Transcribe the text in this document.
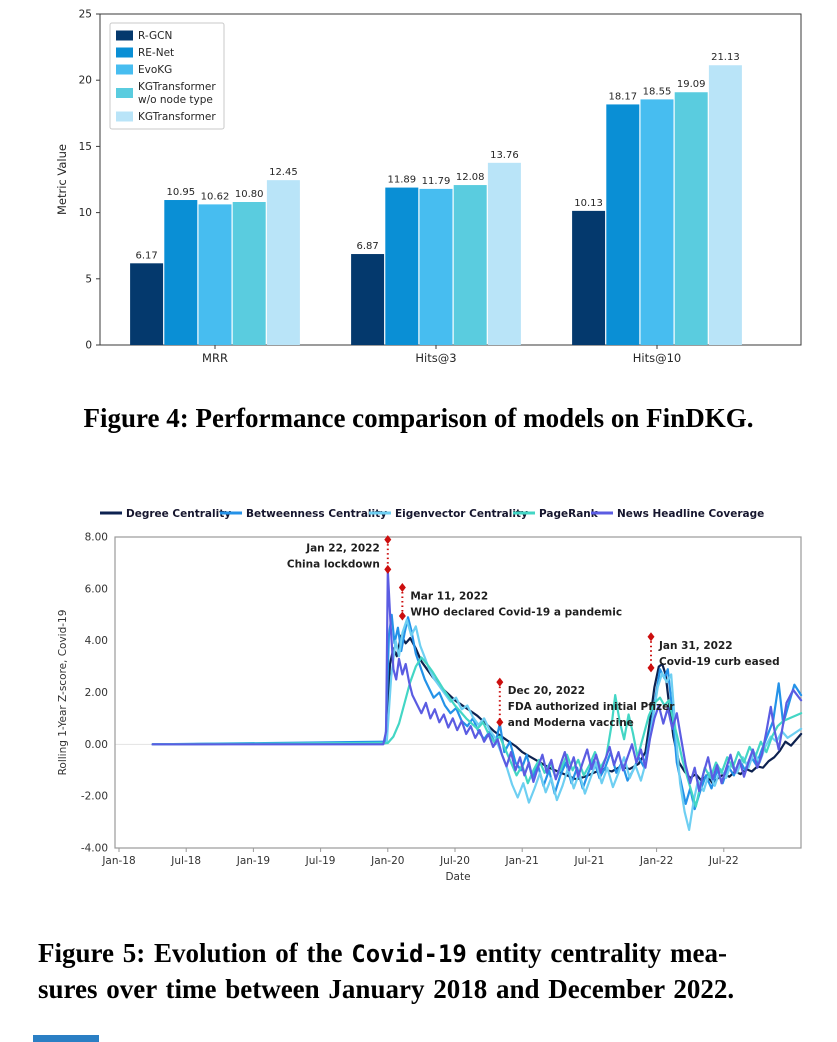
0
5
10
15
20
25
Metric Value
MRR
6.17
10.95 10.62 10.80
12.45
Hits@3
6.87
11.89 11.79 12.08
13.76
Hits@10
10.13
18.17 18.55
19.09
21.13
R-GCN
RE-Net
EvoKG
KGTransformer
w/o node type
KGTransformer
Figure 4: Performance comparison of models on FinDKG.
Degree Centrality Betweenness Centrality Eigenvector Centrality PageRank News Headline Coverage
8.00
6.00
4.00
2.00
0.00
-2.00
-4.00
Rolling 1-Year Z-score, Covid-19
Jan-18	Jul-18	Jan-19	Jul-19	Jan-20	Jul-20	Jan-21	Jul-21	Jan-22	Jul-22
Date
Jan 22, 2022
China lockdown
Mar 11, 2022
WHO declared Covid-19 a pandemic
Dec 20, 2022
FDA authorized initial Pfizer
and Moderna vaccine
Jan 31, 2022
Covid-19 curb eased
Figure 5: Evolution of the Covid-19 entity centrality mea-
sures over time between January 2018 and December 2022.
